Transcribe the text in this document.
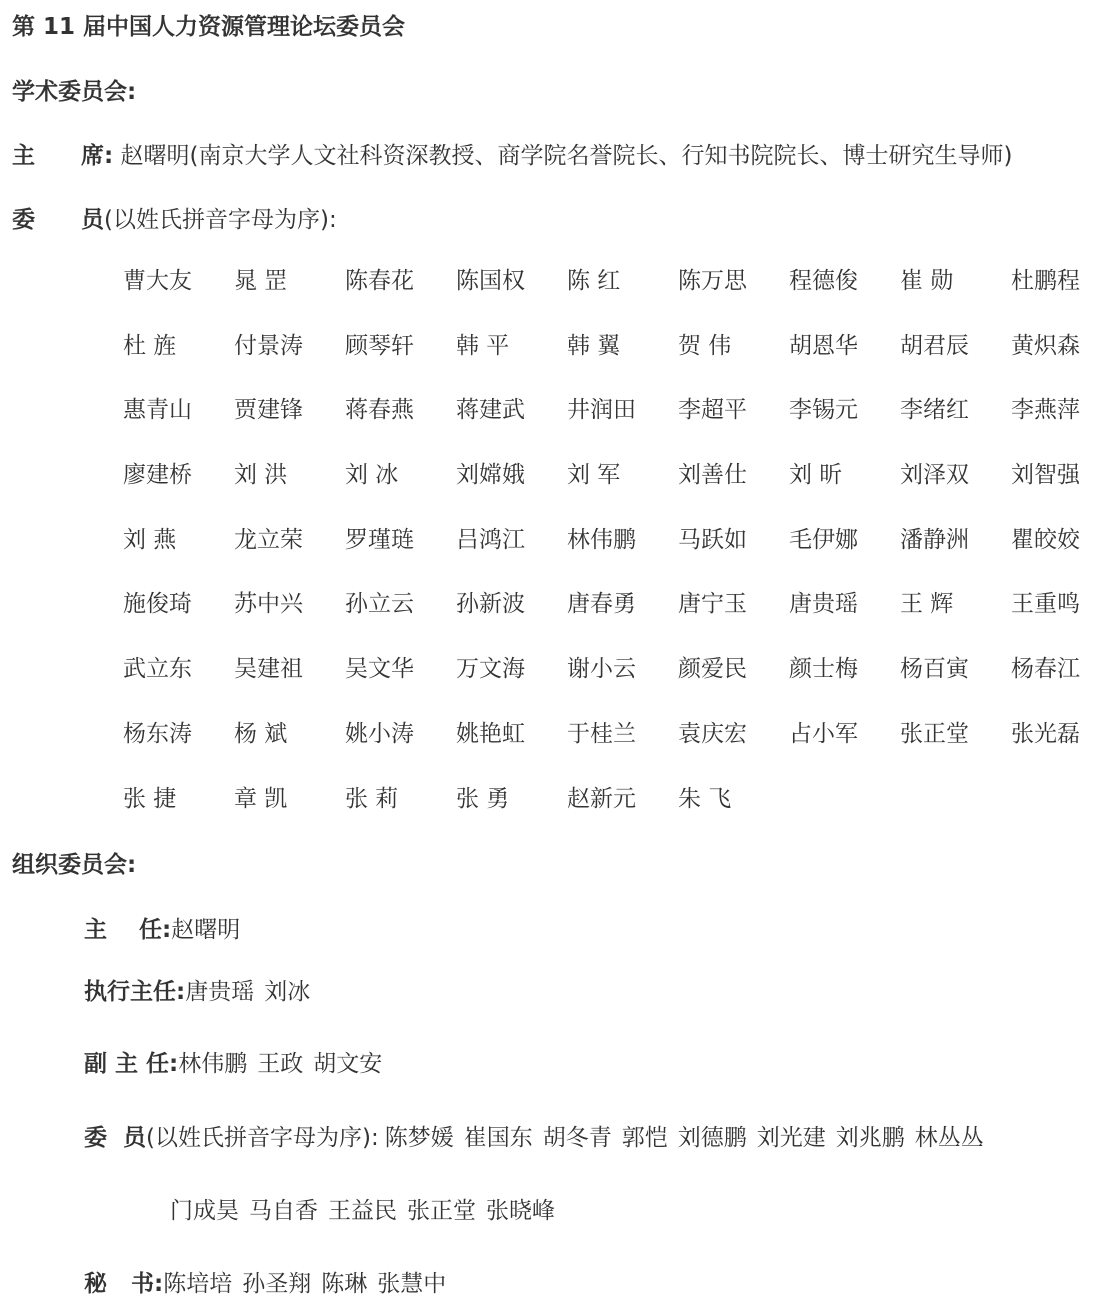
第 11 届中国人力资源管理论坛委员会
学术委员会:
主 席: 赵曙明(南京大学人文社科资深教授、商学院名誉院长、行知书院院长、博士研究生导师)
委 员(以姓氏拼音字母为序):
曹大友	晁 罡	陈春花	陈国权	陈 红	陈万思	程德俊	崔 勋	杜鹏程
杜 旌	付景涛	顾琴轩	韩 平	韩 翼	贺 伟	胡恩华	胡君辰	黄炽森
惠青山	贾建锋	蒋春燕	蒋建武	井润田	李超平	李锡元	李绪红	李燕萍
廖建桥	刘 洪	刘 冰	刘嫦娥	刘 军	刘善仕	刘 昕	刘泽双	刘智强
刘 燕	龙立荣	罗瑾琏	吕鸿江	林伟鹏	马跃如	毛伊娜	潘静洲	瞿皎姣
施俊琦	苏中兴	孙立云	孙新波	唐春勇	唐宁玉	唐贵瑶	王 辉	王重鸣
武立东	吴建祖	吴文华	万文海	谢小云	颜爱民	颜士梅	杨百寅	杨春江
杨东涛	杨 斌	姚小涛	姚艳虹	于桂兰	袁庆宏	占小军	张正堂	张光磊
张 捷	章 凯	张 莉	张 勇	赵新元	朱 飞
组织委员会:
主    任:赵曙明
执行主任:唐贵瑶 刘冰
副 主 任:林伟鹏 王政 胡文安
委  员(以姓氏拼音字母为序): 陈梦媛 崔国东 胡冬青 郭恺 刘德鹏 刘光建 刘兆鹏 林丛丛
门成昊 马自香 王益民 张正堂 张晓峰
秘   书:陈培培 孙圣翔 陈琳 张慧中
